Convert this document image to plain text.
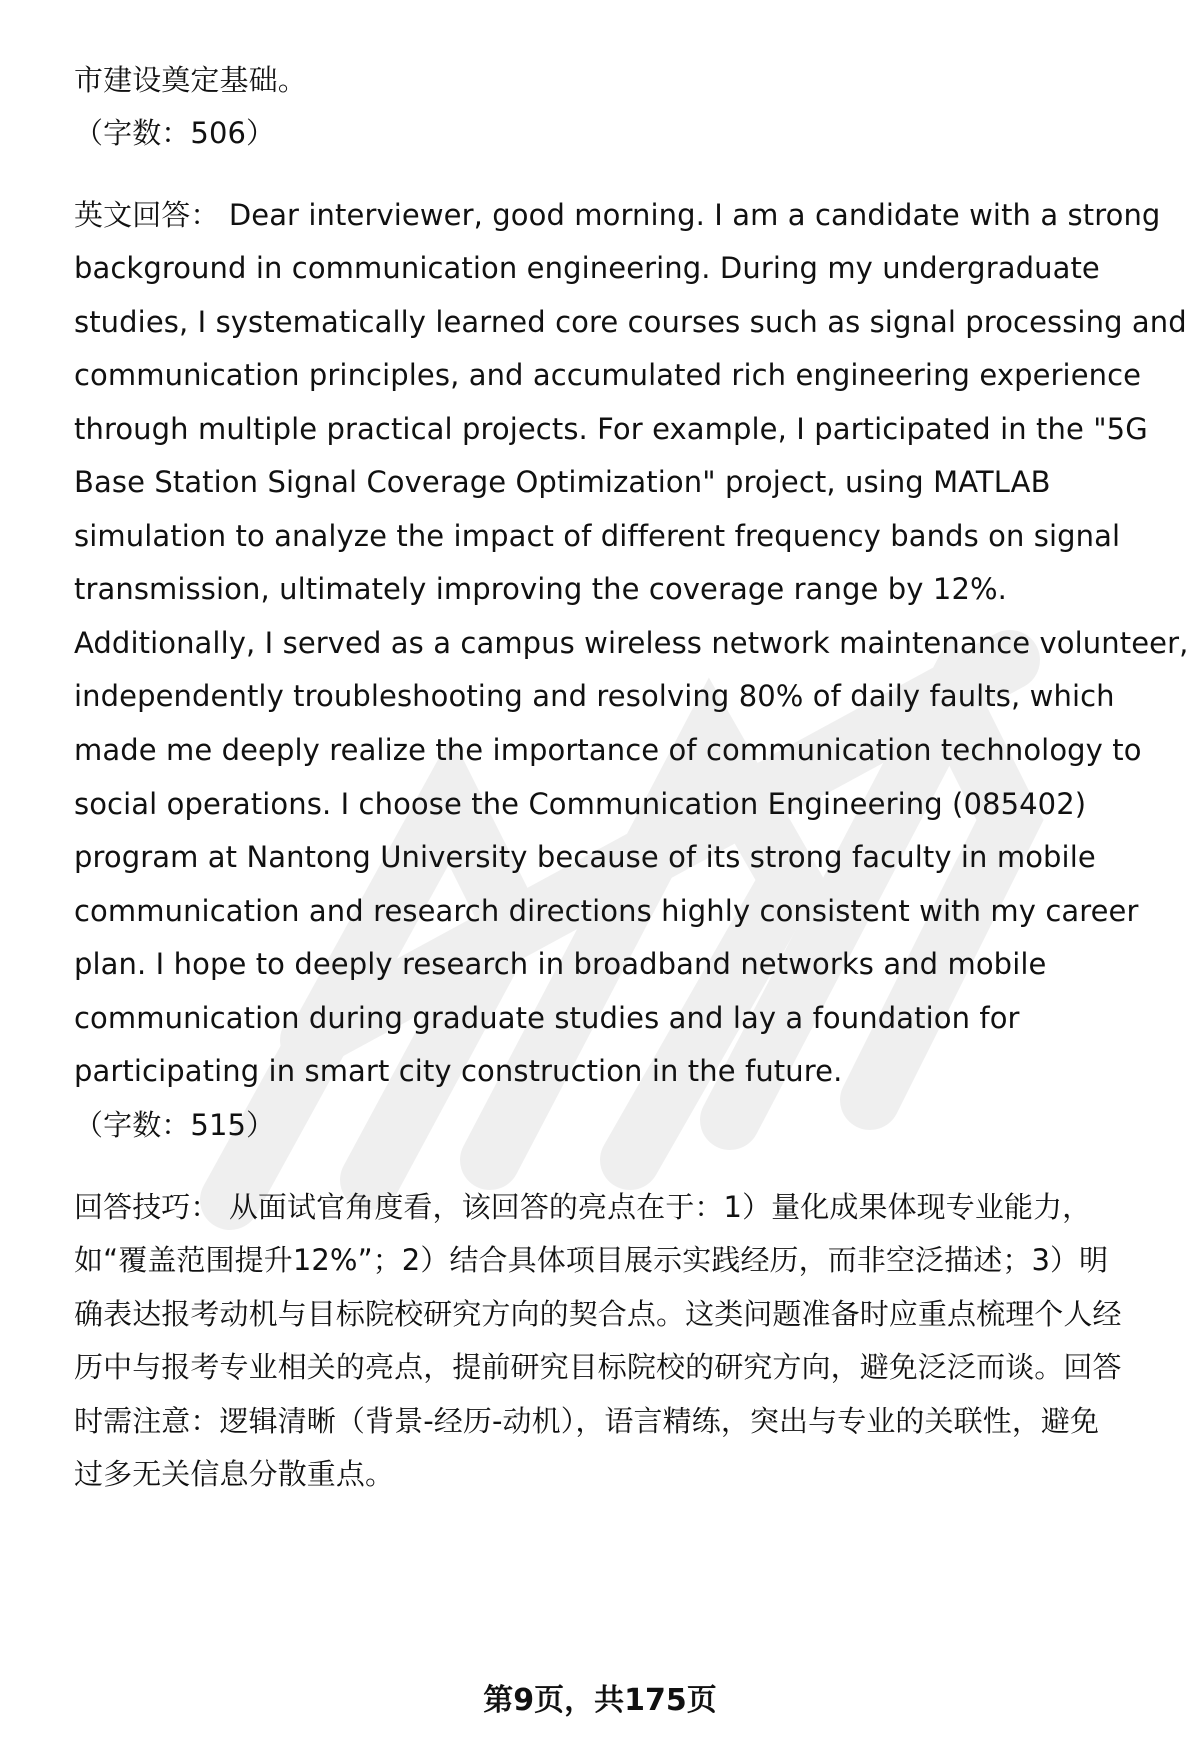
市建设奠定基础。
（字数：506）
英文回答： Dear interviewer, good morning. I am a candidate with a strong
background in communication engineering. During my undergraduate
studies, I systematically learned core courses such as signal processing and
communication principles, and accumulated rich engineering experience
through multiple practical projects. For example, I participated in the "5G
Base Station Signal Coverage Optimization" project, using MATLAB
simulation to analyze the impact of different frequency bands on signal
transmission, ultimately improving the coverage range by 12%.
Additionally, I served as a campus wireless network maintenance volunteer,
independently troubleshooting and resolving 80% of daily faults, which
made me deeply realize the importance of communication technology to
social operations. I choose the Communication Engineering (085402)
program at Nantong University because of its strong faculty in mobile
communication and research directions highly consistent with my career
plan. I hope to deeply research in broadband networks and mobile
communication during graduate studies and lay a foundation for
participating in smart city construction in the future.
（字数：515）
回答技巧： 从面试官角度看，该回答的亮点在于：1）量化成果体现专业能力，
如“覆盖范围提升12%”；2）结合具体项目展示实践经历，而非空泛描述；3）明
确表达报考动机与目标院校研究方向的契合点。这类问题准备时应重点梳理个人经
历中与报考专业相关的亮点，提前研究目标院校的研究方向，避免泛泛而谈。回答
时需注意：逻辑清晰（背景-经历-动机），语言精练，突出与专业的关联性，避免
过多无关信息分散重点。
第9页，共175页
